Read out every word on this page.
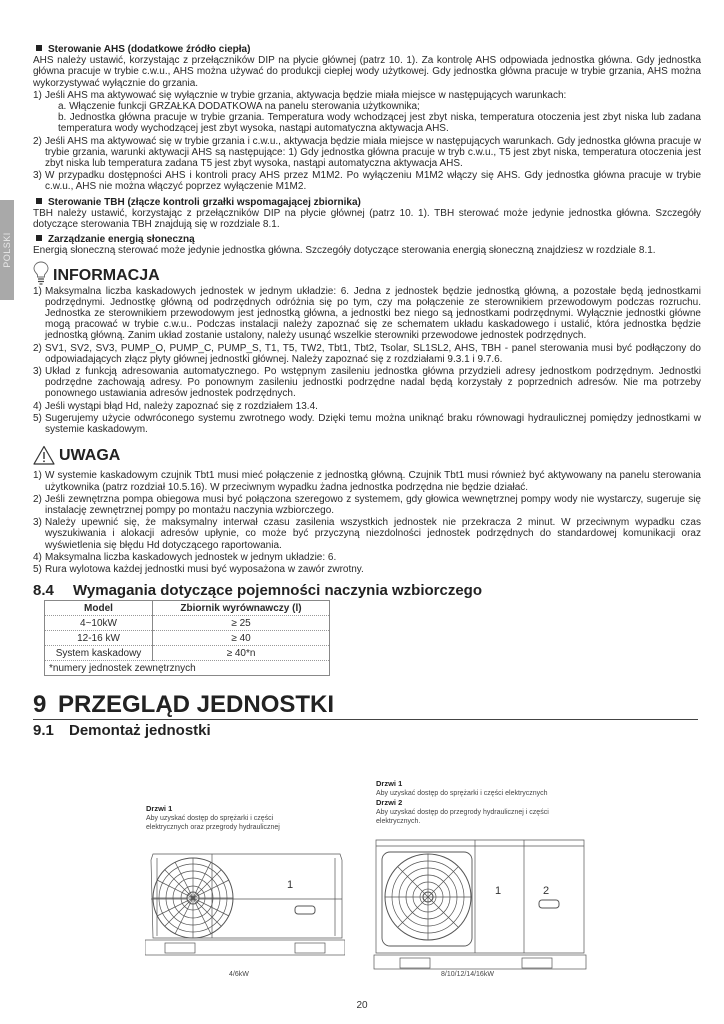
POLSKI
Sterowanie AHS (dodatkowe źródło ciepła)

AHS należy ustawić, korzystając z przełączników DIP na płycie głównej (patrz 10. 1). Za kontrolę AHS odpowiada jednostka główna. Gdy jednostka główna pracuje w trybie c.w.u., AHS można używać do produkcji ciepłej wody użytkowej. Gdy jednostka główna pracuje w trybie grzania, AHS można wykorzystywać wyłącznie do grzania.

1) Jeśli AHS ma aktywować się wyłącznie w trybie grzania, aktywacja będzie miała miejsce w następujących warunkach:
a. Włączenie funkcji GRZAŁKA DODATKOWA na panelu sterowania użytkownika;
b. Jednostka główna pracuje w trybie grzania. Temperatura wody wchodzącej jest zbyt niska, temperatura otoczenia jest zbyt niska lub zadana temperatura wody wychodzącej jest zbyt wysoka, nastąpi automatyczna aktywacja AHS.
2) Jeśli AHS ma aktywować się w trybie grzania i c.w.u., aktywacja będzie miała miejsce w następujących warunkach. Gdy jednostka główna pracuje w trybie grzania, warunki aktywacji AHS są następujące: 1) Gdy jednostka główna pracuje w tryb c.w.u., T5 jest zbyt niska, temperatura otoczenia jest zbyt niska lub temperatura zadana T5 jest zbyt wysoka, nastąpi automatyczna aktywacja AHS.
3) W przypadku dostępności AHS i kontroli pracy AHS przez M1M2. Po wyłączeniu M1M2 włączy się AHS. Gdy jednostka główna pracuje w trybie c.w.u., AHS nie można włączyć poprzez wyłączenie M1M2.
Sterowanie TBH (złącze kontroli grzałki wspomagającej zbiornika)

TBH należy ustawić, korzystając z przełączników DIP na płycie głównej (patrz 10. 1). TBH sterować może jedynie jednostka główna. Szczegóły dotyczące sterowania TBH znajdują się w rozdziale 8.1.

Zarządzanie energią słoneczną

Energią słoneczną sterować może jedynie jednostka główna. Szczegóły dotyczące sterowania energią słoneczną znajdziesz w rozdziale 8.1.

INFORMACJA
1) Maksymalna liczba kaskadowych jednostek w jednym układzie: 6. Jedna z jednostek będzie jednostką główną, a pozostałe będą jednostkami podrzędnymi. Jednostkę główną od podrzędnych odróżnia się po tym, czy ma połączenie ze sterownikiem przewodowym podczas rozruchu. Jednostka ze sterownikiem przewodowym jest jednostką główna, a jednostki bez niego są jednostkami podrzędnymi. Wyłącznie jednostki główne mogą pracować w trybie c.w.u.. Podczas instalacji należy zapoznać się ze schematem układu kaskadowego i ustalić, która jednostka będzie jednostką główną. Zanim układ zostanie ustalony, należy usunąć wszelkie sterowniki przewodowe jednostek podrzędnych.
2) SV1, SV2, SV3, PUMP_O, PUMP_C, PUMP_S, T1, T5, TW2, Tbt1, Tbt2, Tsolar, SL1SL2, AHS, TBH - panel sterowania musi być podłączony do odpowiadających złącz płyty głównej jednostki głównej. Należy zapoznać się z rozdziałami 9.3.1 i 9.7.6.
3) Układ z funkcją adresowania automatycznego. Po wstępnym zasileniu jednostka główna przydzieli adresy jednostkom podrzędnym. Jednostki podrzędne zachowają adresy. Po ponownym zasileniu jednostki podrzędne nadal będą korzystały z poprzednich adresów. Nie ma potrzeby ponownego ustawiania adresów jednostek podrzędnych.
4) Jeśli wystąpi błąd Hd, należy zapoznać się z rozdziałem 13.4.
5) Sugerujemy użycie odwróconego systemu zwrotnego wody. Dzięki temu można uniknąć braku równowagi hydraulicznej pomiędzy jednostkami w systemie kaskadowym.
UWAGA
1) W systemie kaskadowym czujnik Tbt1 musi mieć połączenie z jednostką główną. Czujnik Tbt1 musi również być aktywowany na panelu sterowania użytkownika (patrz rozdział 10.5.16). W przeciwnym wypadku żadna jednostka podrzędna nie będzie działać.
2) Jeśli zewnętrzna pompa obiegowa musi być połączona szeregowo z systemem, gdy głowica wewnętrznej pompy wody nie wystarczy, sugeruje się instalację zewnętrznej pompy po montażu naczynia wzbiorczego.
3) Należy upewnić się, że maksymalny interwał czasu zasilenia wszystkich jednostek nie przekracza 2 minut. W przeciwnym wypadku czas wyszukiwania i alokacji adresów upłynie, co może być przyczyną niezdolności jednostek podrzędnych do standardowej komunikacji oraz wyświetlenia się błędu Hd dotyczącego raportowania.
4) Maksymalna liczba kaskadowych jednostek w jednym układzie: 6.
5) Rura wylotowa każdej jednostki musi być wyposażona w zawór zwrotny.
8.4 Wymagania dotyczące pojemności naczynia wzbiorczego
Model	Zbiornik wyrównawczy (l)
4~10kW	≥ 25
12-16 kW	≥ 40
System kaskadowy	≥ 40*n
*numery jednostek zewnętrznych	
9 PRZEGLĄD JEDNOSTKI
9.1 Demontaż jednostki
Drzwi 1
Aby uzyskać dostęp do sprężarki i części elektrycznych oraz przegrody hydraulicznej
Drzwi 1
Aby uzyskać dostęp do sprężarki i części elektrycznych
Drzwi 2
Aby uzyskać dostęp do przegrody hydraulicznej i części elektrycznych.
1
4/6kW
1	2
8/10/12/14/16kW
20
